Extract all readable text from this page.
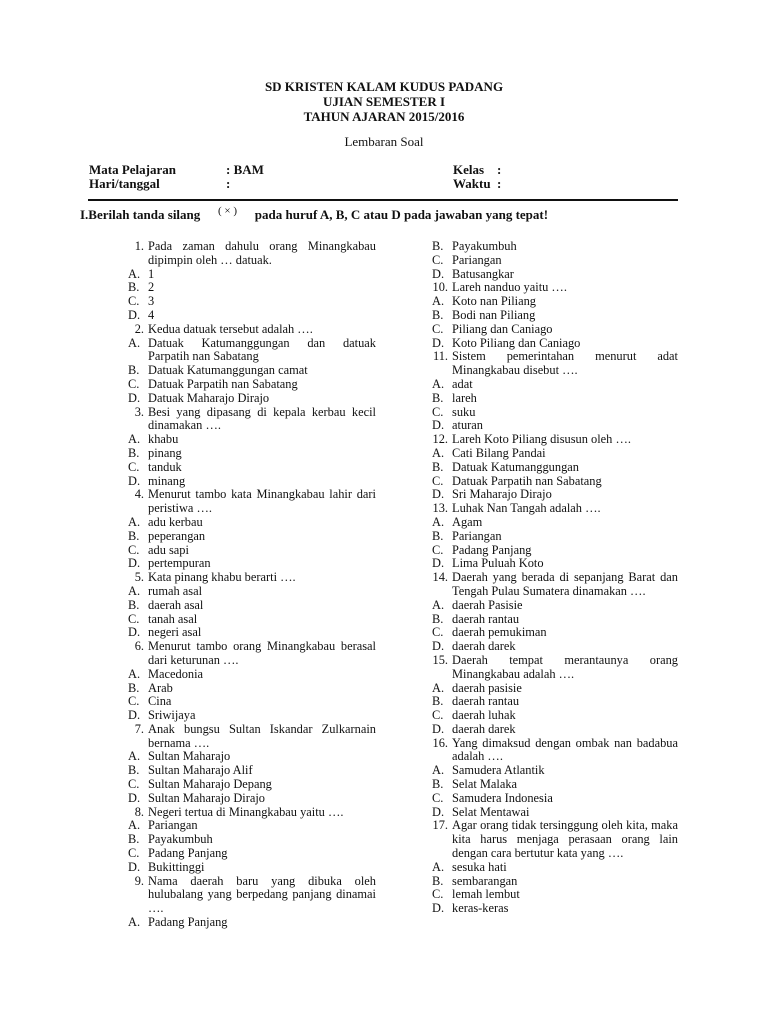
SD KRISTEN KALAM KUDUS PADANG
UJIAN SEMESTER I
TAHUN AJARAN 2015/2016
Lembaran Soal
Mata Pelajaran	: BAM
Hari/tanggal	:
Kelas :
Waktu :
I.Berilah tanda silang ( × ) pada huruf A, B, C atau D pada jawaban yang tepat!
1. Pada zaman dahulu orang Minangkabau dipimpin oleh … datuak.
A. 1
B. 2
C. 3
D. 4
2. Kedua datuak tersebut adalah ….
A. Datuak Katumanggungan dan datuak Parpatih nan Sabatang
B. Datuak Katumanggungan camat
C. Datuak Parpatih nan Sabatang
D. Datuak Maharajo Dirajo
3. Besi yang dipasang di kepala kerbau kecil dinamakan ….
A. khabu
B. pinang
C. tanduk
D. minang
4. Menurut tambo kata Minangkabau lahir dari peristiwa ….
A. adu kerbau
B. peperangan
C. adu sapi
D. pertempuran
5. Kata pinang khabu berarti ….
A. rumah asal
B. daerah asal
C. tanah asal
D. negeri asal
6. Menurut tambo orang Minangkabau berasal dari keturunan ….
A. Macedonia
B. Arab
C. Cina
D. Sriwijaya
7. Anak bungsu Sultan Iskandar Zulkarnain bernama ….
A. Sultan Maharajo
B. Sultan Maharajo Alif
C. Sultan Maharajo Depang
D. Sultan Maharajo Dirajo
8. Negeri tertua di Minangkabau yaitu ….
A. Pariangan
B. Payakumbuh
C. Padang Panjang
D. Bukittinggi
9. Nama daerah baru yang dibuka oleh hulubalang yang berpedang panjang dinamai ….
A. Padang Panjang
B. Payakumbuh
C. Pariangan
D. Batusangkar
10. Lareh nanduo yaitu ….
A. Koto nan Piliang
B. Bodi nan Piliang
C. Piliang dan Caniago
D. Koto Piliang dan Caniago
11. Sistem pemerintahan menurut adat Minangkabau disebut ….
A. adat
B. lareh
C. suku
D. aturan
12. Lareh Koto Piliang disusun oleh ….
A. Cati Bilang Pandai
B. Datuak Katumanggungan
C. Datuak Parpatih nan Sabatang
D. Sri Maharajo Dirajo
13. Luhak Nan Tangah adalah ….
A. Agam
B. Pariangan
C. Padang Panjang
D. Lima Puluah Koto
14. Daerah yang berada di sepanjang Barat dan Tengah Pulau Sumatera dinamakan ….
A. daerah Pasisie
B. daerah rantau
C. daerah pemukiman
D. daerah darek
15. Daerah tempat merantaunya orang Minangkabau adalah ….
A. daerah pasisie
B. daerah rantau
C. daerah luhak
D. daerah darek
16. Yang dimaksud dengan ombak nan badabua adalah ….
A. Samudera Atlantik
B. Selat Malaka
C. Samudera Indonesia
D. Selat Mentawai
17. Agar orang tidak tersinggung oleh kita, maka kita harus menjaga perasaan orang lain dengan cara bertutur kata yang ….
A. sesuka hati
B. sembarangan
C. lemah lembut
D. keras-keras
